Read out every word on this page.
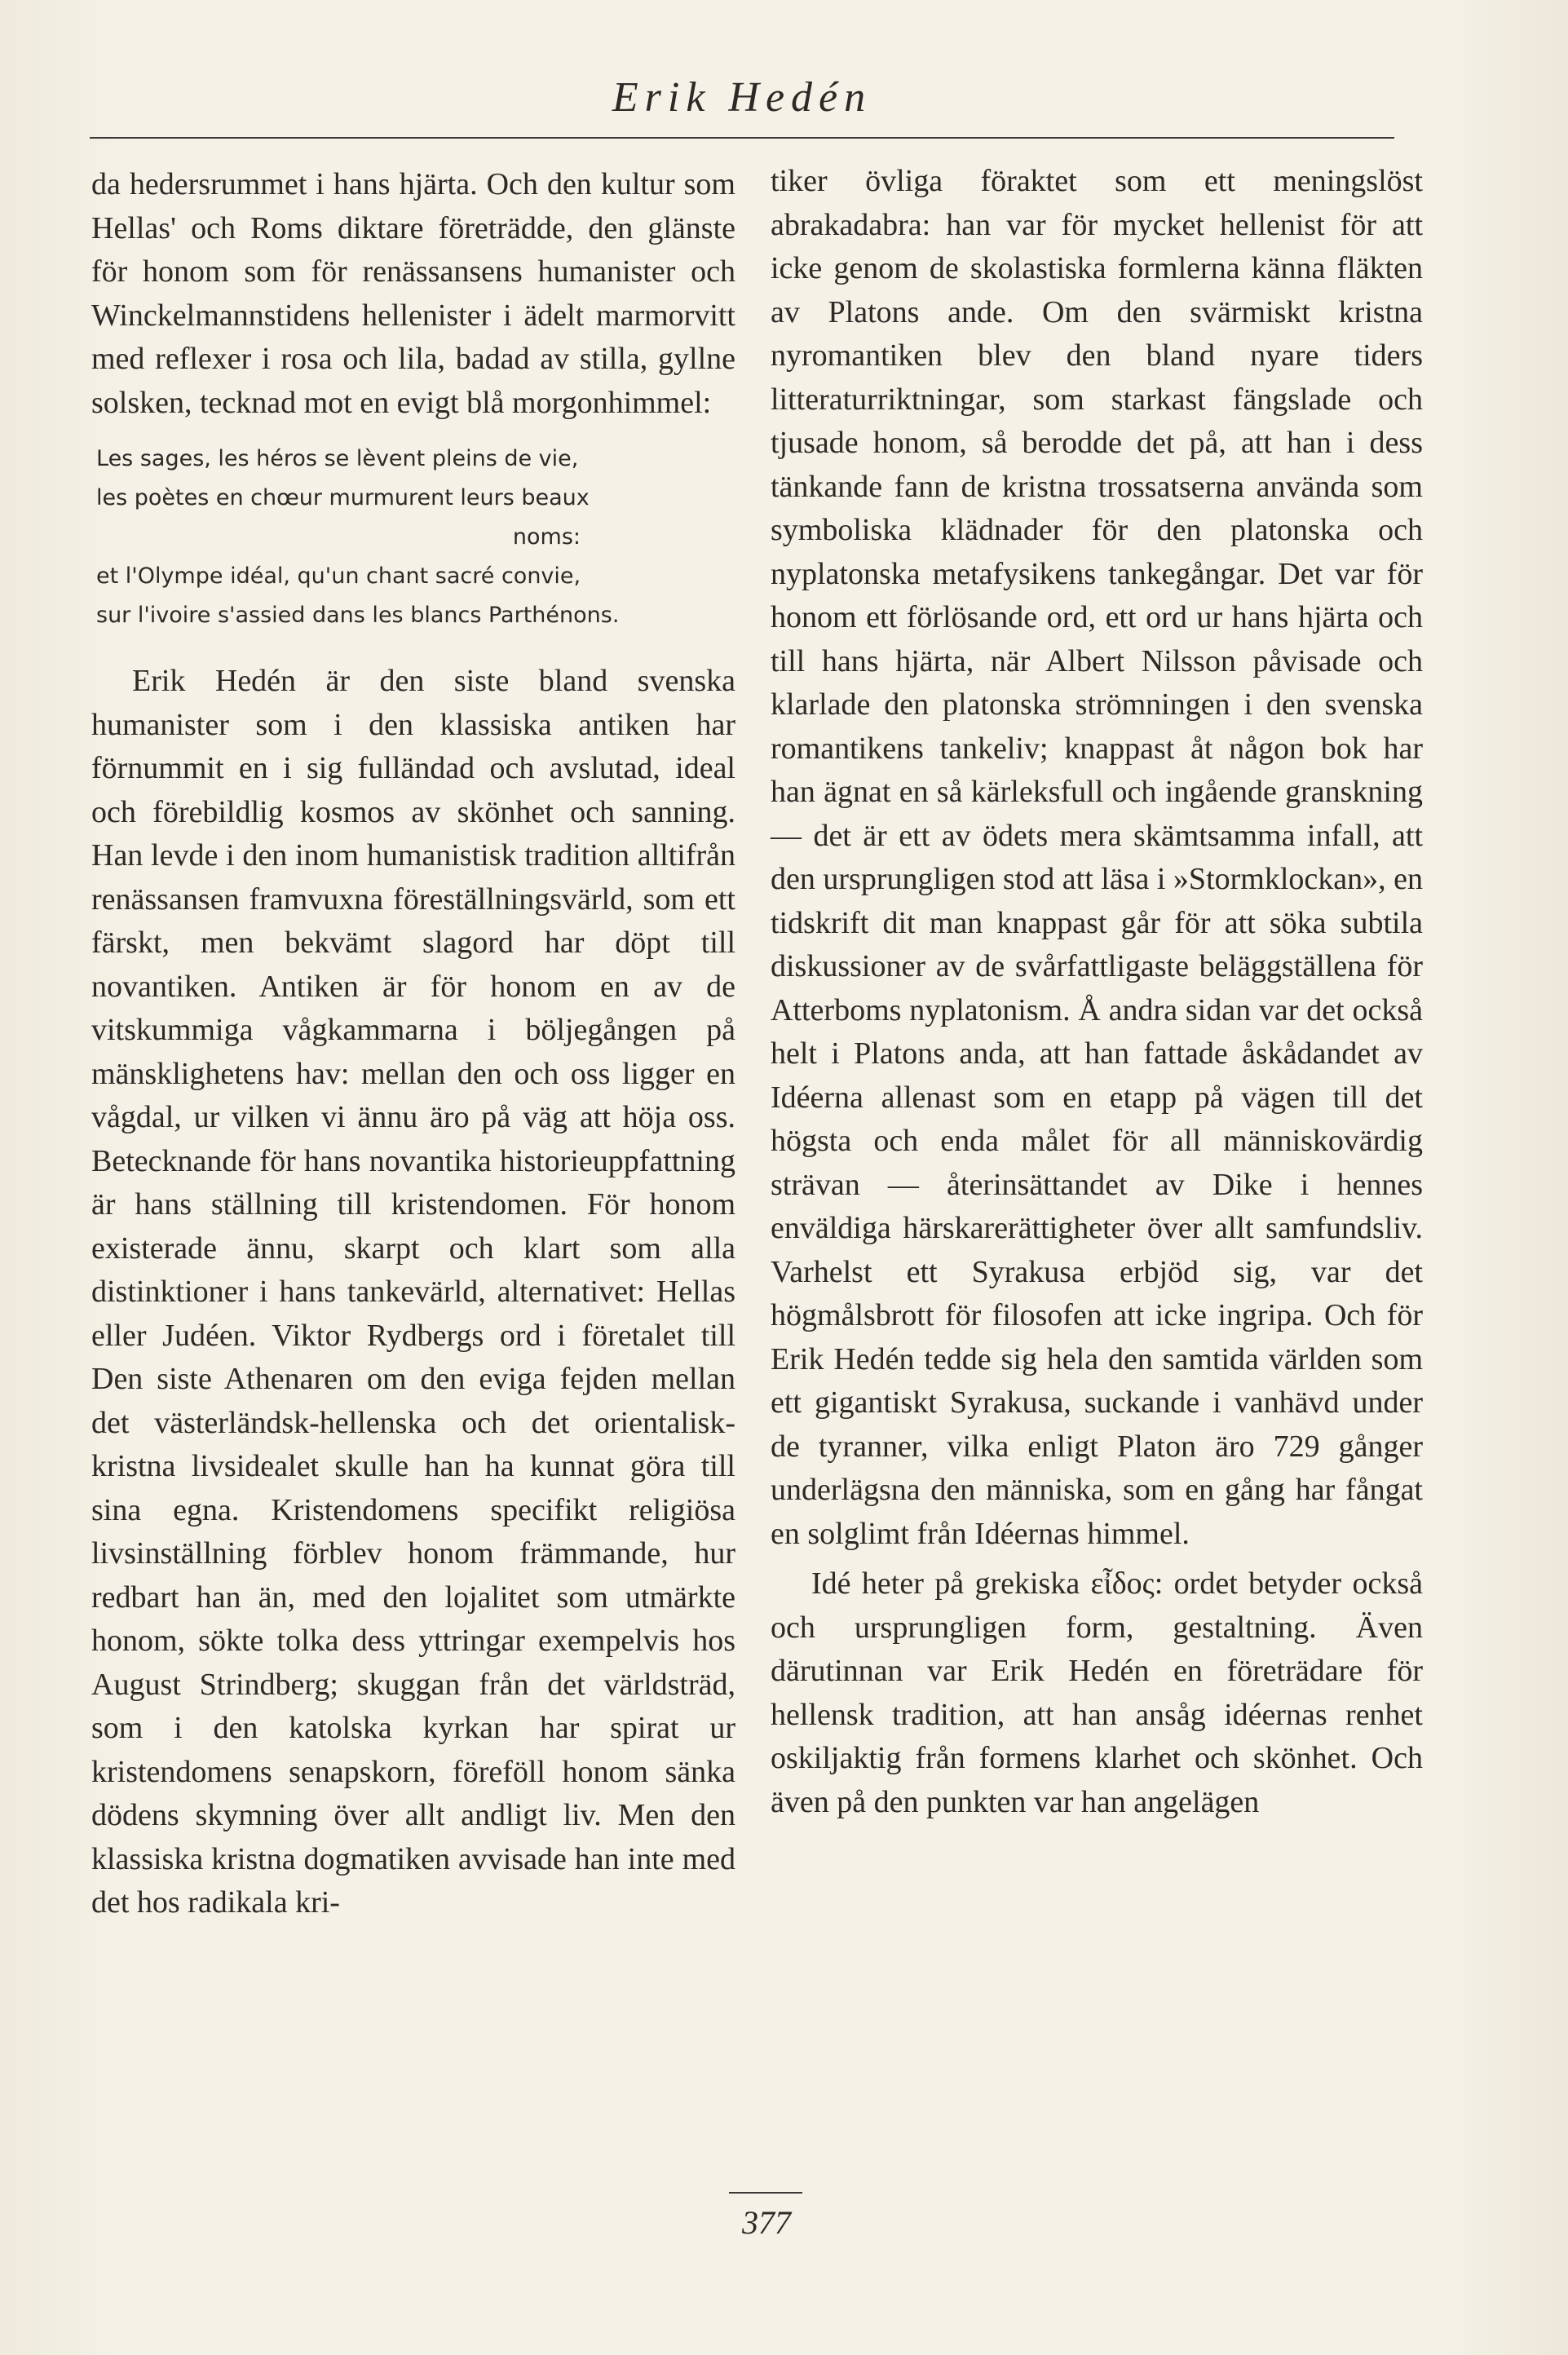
Erik Hedén

da hedersrummet i hans hjärta. Och den kultur som Hellas' och Roms diktare företrädde, den glänste för honom som för renässansens humanister och Winckelmannstidens hellenister i ädelt marmorvitt med reflexer i rosa och lila, badad av stilla, gyllne solsken, tecknad mot en evigt blå morgonhimmel:

Les sages, les héros se lèvent pleins de vie,
les poètes en chœur murmurent leurs beaux
noms:
et l'Olympe idéal, qu'un chant sacré convie,
sur l'ivoire s'assied dans les blancs Parthénons.

Erik Hedén är den siste bland svenska humanister som i den klassiska antiken har förnummit en i sig fulländad och avslutad, ideal och förebildlig kosmos av skönhet och sanning. Han levde i den inom humanistisk tradition alltifrån renässansen framvuxna föreställningsvärld, som ett färskt, men bekvämt slagord har döpt till novantiken. Antiken är för honom en av de vitskummiga vågkammarna i böljegången på mänsklighetens hav: mellan den och oss ligger en vågdal, ur vilken vi ännu äro på väg att höja oss. Betecknande för hans novantika historieuppfattning är hans ställning till kristendomen. För honom existerade ännu, skarpt och klart som alla distinktioner i hans tankevärld, alternativet: Hellas eller Judéen. Viktor Rydbergs ord i företalet till Den siste Athenaren om den eviga fejden mellan det västerländsk-hellenska och det orientalisk-kristna livsidealet skulle han ha kunnat göra till sina egna. Kristendomens specifikt religiösa livsinställning förblev honom främmande, hur redbart han än, med den lojalitet som utmärkte honom, sökte tolka dess yttringar exempelvis hos August Strindberg; skuggan från det världsträd, som i den katolska kyrkan har spirat ur kristendomens senapskorn, föreföll honom sänka dödens skymning över allt andligt liv. Men den klassiska kristna dogmatiken avvisade han inte med det hos radikala kri-

tiker övliga föraktet som ett meningslöst abrakadabra: han var för mycket hellenist för att icke genom de skolastiska formlerna känna fläkten av Platons ande. Om den svärmiskt kristna nyromantiken blev den bland nyare tiders litteraturriktningar, som starkast fängslade och tjusade honom, så berodde det på, att han i dess tänkande fann de kristna trossatserna använda som symboliska klädnader för den platonska och nyplatonska metafysikens tankegångar. Det var för honom ett förlösande ord, ett ord ur hans hjärta och till hans hjärta, när Albert Nilsson påvisade och klarlade den platonska strömningen i den svenska romantikens tankeliv; knappast åt någon bok har han ägnat en så kärleksfull och ingående granskning — det är ett av ödets mera skämtsamma infall, att den ursprungligen stod att läsa i »Stormklockan», en tidskrift dit man knappast går för att söka subtila diskussioner av de svårfattligaste beläggställena för Atterboms nyplatonism. Å andra sidan var det också helt i Platons anda, att han fattade åskådandet av Idéerna allenast som en etapp på vägen till det högsta och enda målet för all människovärdig strävan — återinsättandet av Dike i hennes enväldiga härskarerättigheter över allt samfundsliv. Varhelst ett Syrakusa erbjöd sig, var det högmålsbrott för filosofen att icke ingripa. Och för Erik Hedén tedde sig hela den samtida världen som ett gigantiskt Syrakusa, suckande i vanhävd under de tyranner, vilka enligt Platon äro 729 gånger underlägsna den människa, som en gång har fångat en solglimt från Idéernas himmel.

Idé heter på grekiska εἶδος: ordet betyder också och ursprungligen form, gestaltning. Även därutinnan var Erik Hedén en företrädare för hellensk tradition, att han ansåg idéernas renhet oskiljaktig från formens klarhet och skönhet. Och även på den punkten var han angelägen

377
